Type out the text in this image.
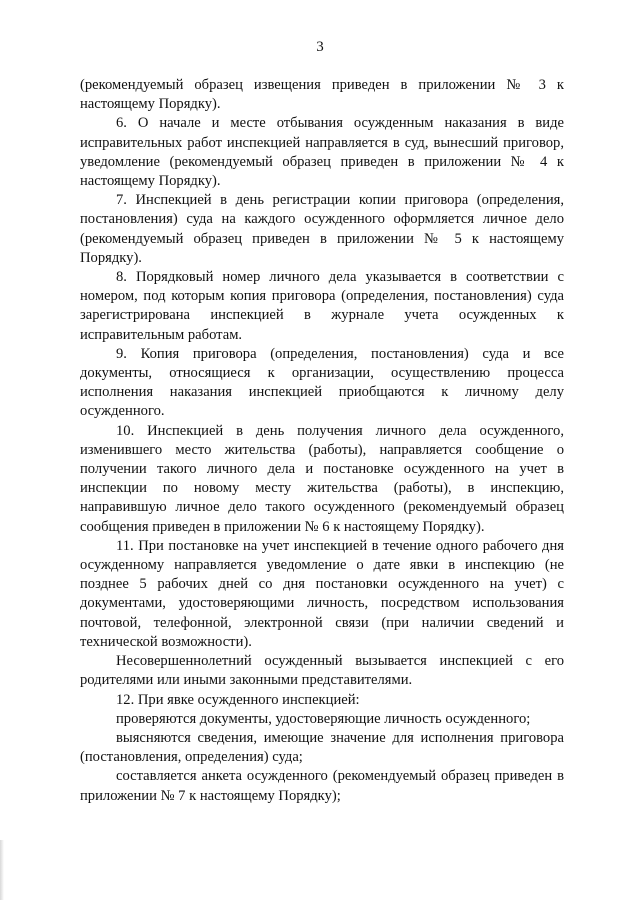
3

(рекомендуемый образец извещения приведен в приложении № 3 к настоящему Порядку).

6. О начале и месте отбывания осужденным наказания в виде исправительных работ инспекцией направляется в суд, вынесший приговор, уведомление (рекомендуемый образец приведен в приложении № 4 к настоящему Порядку).

7. Инспекцией в день регистрации копии приговора (определения, постановления) суда на каждого осужденного оформляется личное дело (рекомендуемый образец приведен в приложении № 5 к настоящему Порядку).

8. Порядковый номер личного дела указывается в соответствии с номером, под которым копия приговора (определения, постановления) суда зарегистрирована инспекцией в журнале учета осужденных к исправительным работам.

9. Копия приговора (определения, постановления) суда и все документы, относящиеся к организации, осуществлению процесса исполнения наказания инспекцией приобщаются к личному делу осужденного.

10. Инспекцией в день получения личного дела осужденного, изменившего место жительства (работы), направляется сообщение о получении такого личного дела и постановке осужденного на учет в инспекции по новому месту жительства (работы), в инспекцию, направившую личное дело такого осужденного (рекомендуемый образец сообщения приведен в приложении № 6 к настоящему Порядку).

11. При постановке на учет инспекцией в течение одного рабочего дня осужденному направляется уведомление о дате явки в инспекцию (не позднее 5 рабочих дней со дня постановки осужденного на учет) с документами, удостоверяющими личность, посредством использования почтовой, телефонной, электронной связи (при наличии сведений и технической возможности).

Несовершеннолетний осужденный вызывается инспекцией с его родителями или иными законными представителями.

12. При явке осужденного инспекцией:

проверяются документы, удостоверяющие личность осужденного;

выясняются сведения, имеющие значение для исполнения приговора (постановления, определения) суда;

составляется анкета осужденного (рекомендуемый образец приведен в приложении № 7 к настоящему Порядку);
